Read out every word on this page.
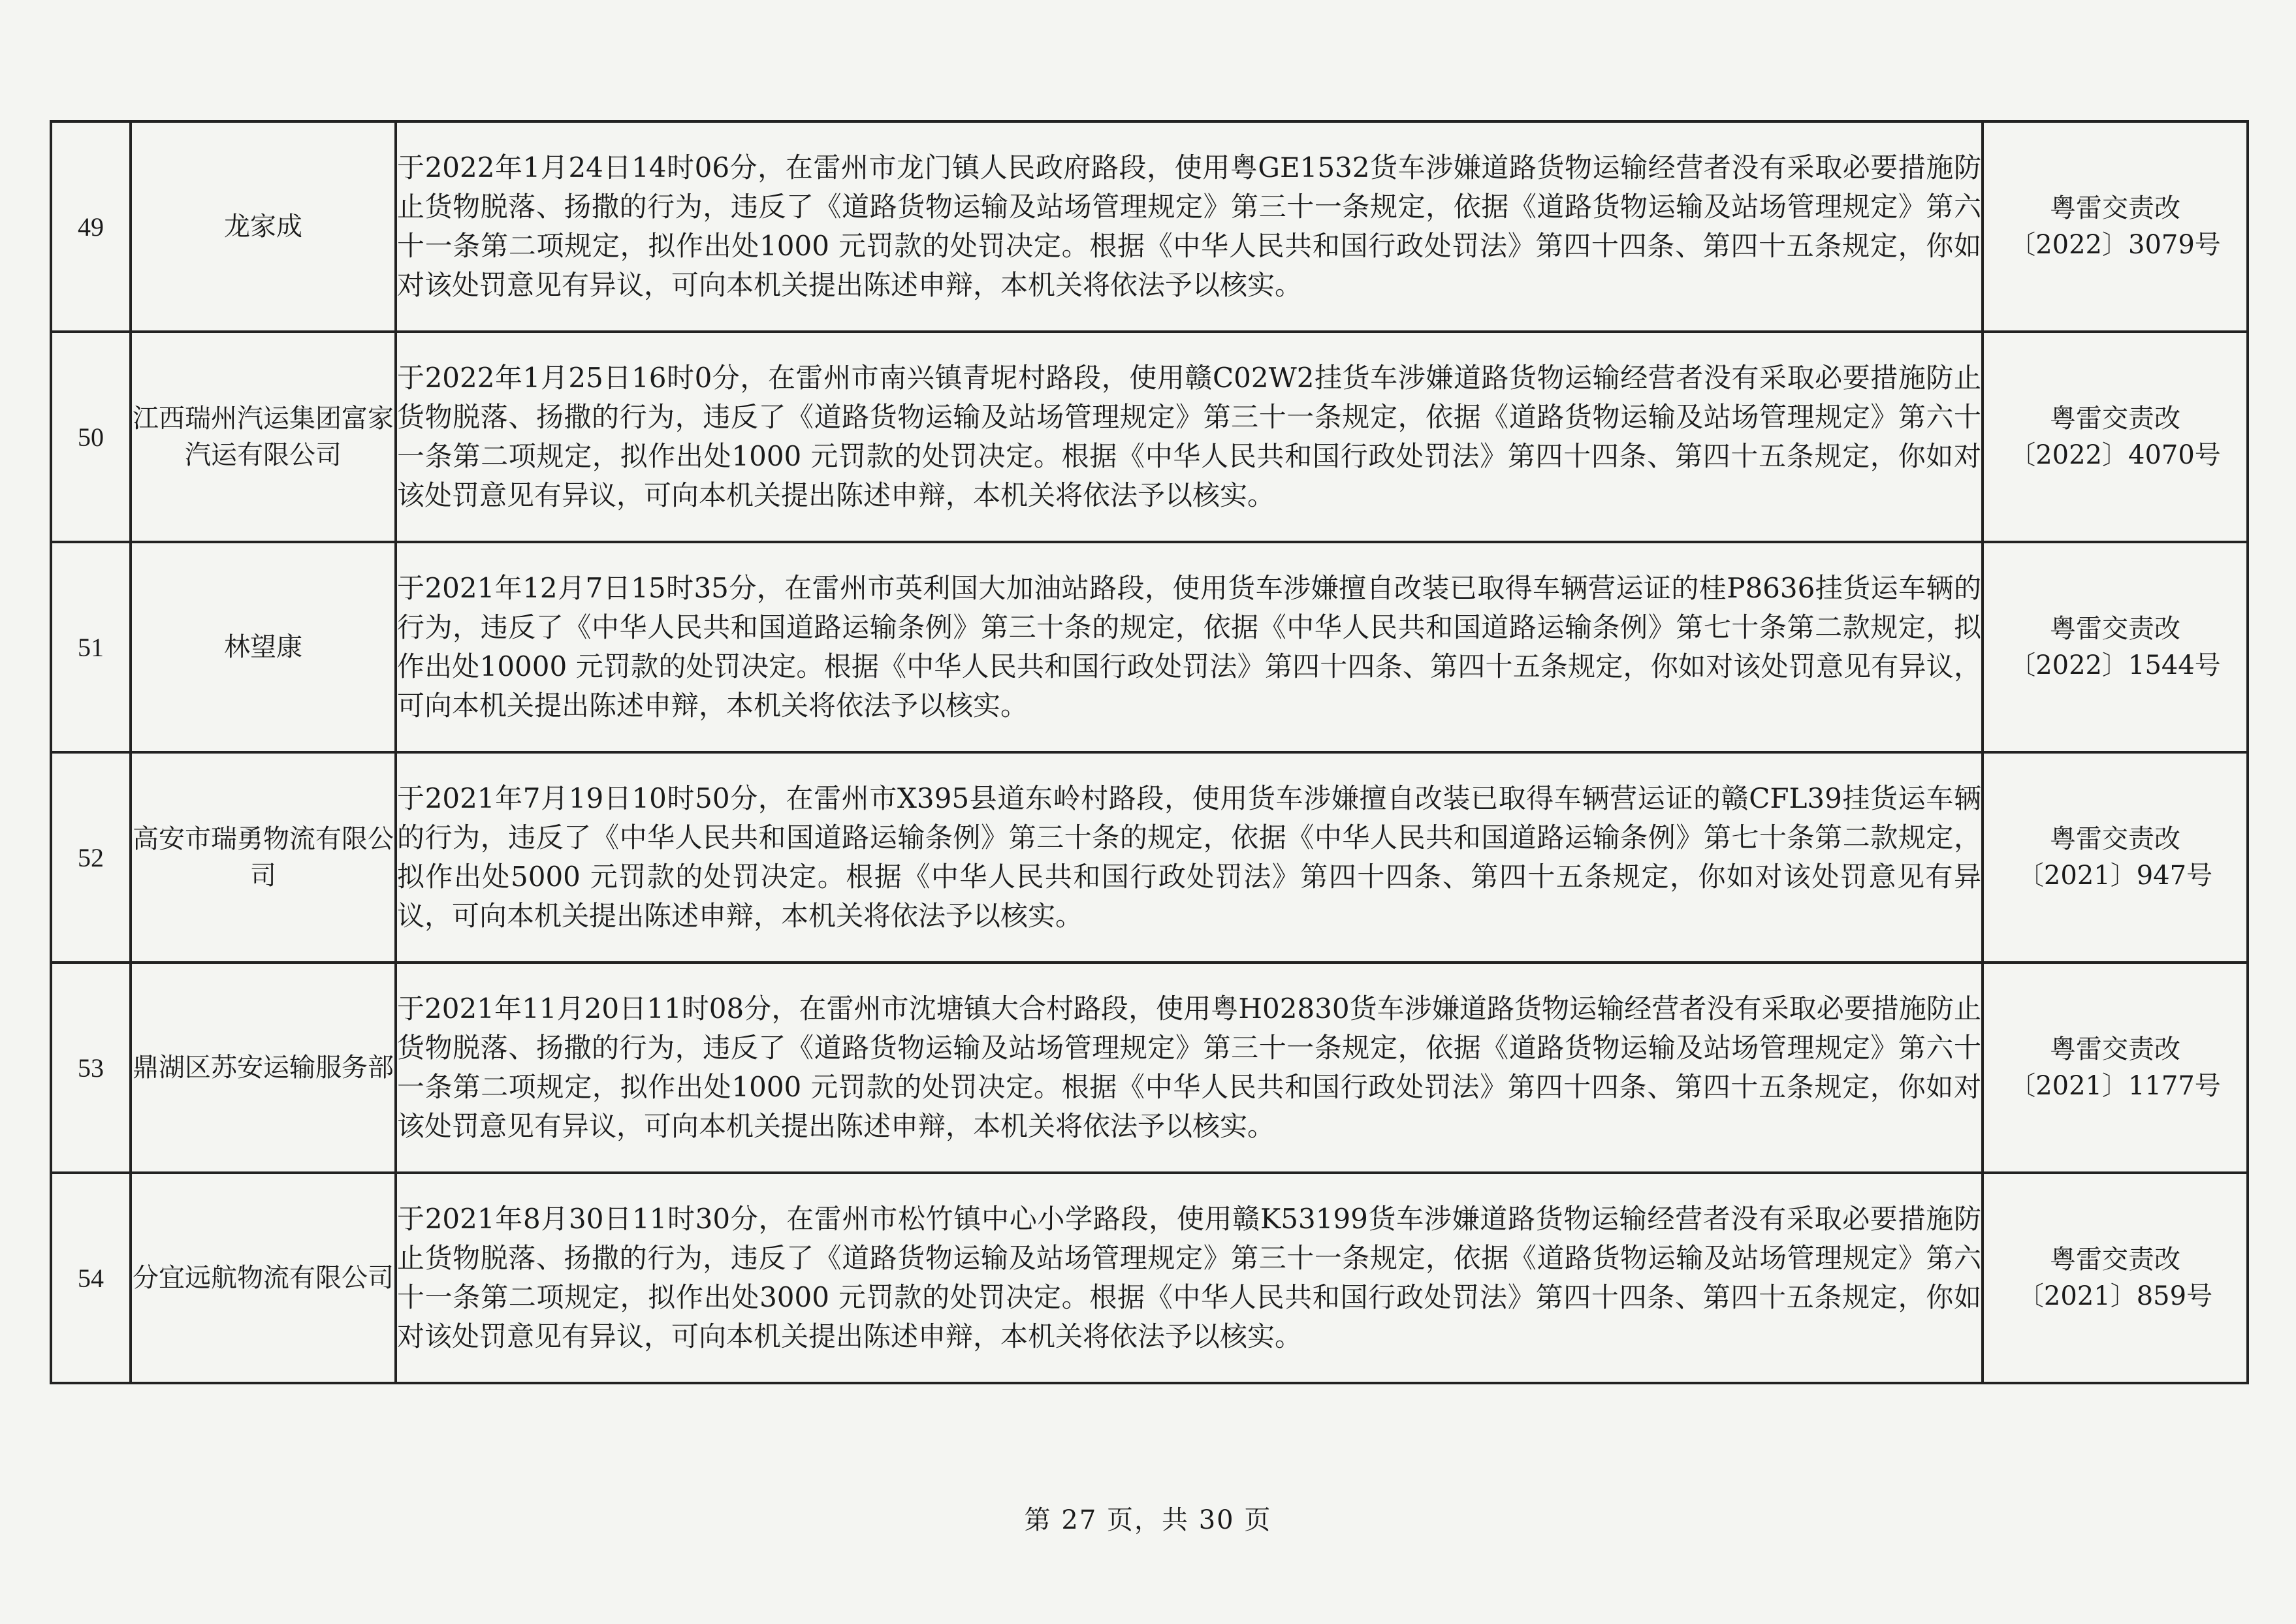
49	龙家成	于2022年1月24日14时06分，在雷州市龙门镇人民政府路段，使用粤GE1532货车涉嫌道路货物运输经营者没有采取必要措施防止货物脱落、扬撒的行为，违反了《道路货物运输及站场管理规定》第三十一条规定，依据《道路货物运输及站场管理规定》第六十一条第二项规定，拟作出处1000 元罚款的处罚决定。根据《中华人民共和国行政处罚法》第四十四条、第四十五条规定，你如对该处罚意见有异议，可向本机关提出陈述申辩，本机关将依法予以核实。	粤雷交责改
〔2022〕3079号

50	江西瑞州汽运集团富家汽运有限公司	于2022年1月25日16时0分，在雷州市南兴镇青坭村路段，使用赣C02W2挂货车涉嫌道路货物运输经营者没有采取必要措施防止货物脱落、扬撒的行为，违反了《道路货物运输及站场管理规定》第三十一条规定，依据《道路货物运输及站场管理规定》第六十一条第二项规定，拟作出处1000 元罚款的处罚决定。根据《中华人民共和国行政处罚法》第四十四条、第四十五条规定，你如对该处罚意见有异议，可向本机关提出陈述申辩，本机关将依法予以核实。	粤雷交责改
〔2022〕4070号

51	林望康	于2021年12月7日15时35分，在雷州市英利国大加油站路段，使用货车涉嫌擅自改装已取得车辆营运证的桂P8636挂货运车辆的行为，违反了《中华人民共和国道路运输条例》第三十条的规定，依据《中华人民共和国道路运输条例》第七十条第二款规定，拟作出处10000 元罚款的处罚决定。根据《中华人民共和国行政处罚法》第四十四条、第四十五条规定，你如对该处罚意见有异议，可向本机关提出陈述申辩，本机关将依法予以核实。	粤雷交责改
〔2022〕1544号

52	高安市瑞勇物流有限公司	于2021年7月19日10时50分，在雷州市X395县道东岭村路段，使用货车涉嫌擅自改装已取得车辆营运证的赣CFL39挂货运车辆的行为，违反了《中华人民共和国道路运输条例》第三十条的规定，依据《中华人民共和国道路运输条例》第七十条第二款规定，拟作出处5000 元罚款的处罚决定。根据《中华人民共和国行政处罚法》第四十四条、第四十五条规定，你如对该处罚意见有异议，可向本机关提出陈述申辩，本机关将依法予以核实。	粤雷交责改
〔2021〕947号

53	鼎湖区苏安运输服务部	于2021年11月20日11时08分，在雷州市沈塘镇大合村路段，使用粤H02830货车涉嫌道路货物运输经营者没有采取必要措施防止货物脱落、扬撒的行为，违反了《道路货物运输及站场管理规定》第三十一条规定，依据《道路货物运输及站场管理规定》第六十一条第二项规定，拟作出处1000 元罚款的处罚决定。根据《中华人民共和国行政处罚法》第四十四条、第四十五条规定，你如对该处罚意见有异议，可向本机关提出陈述申辩，本机关将依法予以核实。	粤雷交责改
〔2021〕1177号

54	分宜远航物流有限公司	于2021年8月30日11时30分，在雷州市松竹镇中心小学路段，使用赣K53199货车涉嫌道路货物运输经营者没有采取必要措施防止货物脱落、扬撒的行为，违反了《道路货物运输及站场管理规定》第三十一条规定，依据《道路货物运输及站场管理规定》第六十一条第二项规定，拟作出处3000 元罚款的处罚决定。根据《中华人民共和国行政处罚法》第四十四条、第四十五条规定，你如对该处罚意见有异议，可向本机关提出陈述申辩，本机关将依法予以核实。	粤雷交责改
〔2021〕859号
第 27 页，共 30 页
